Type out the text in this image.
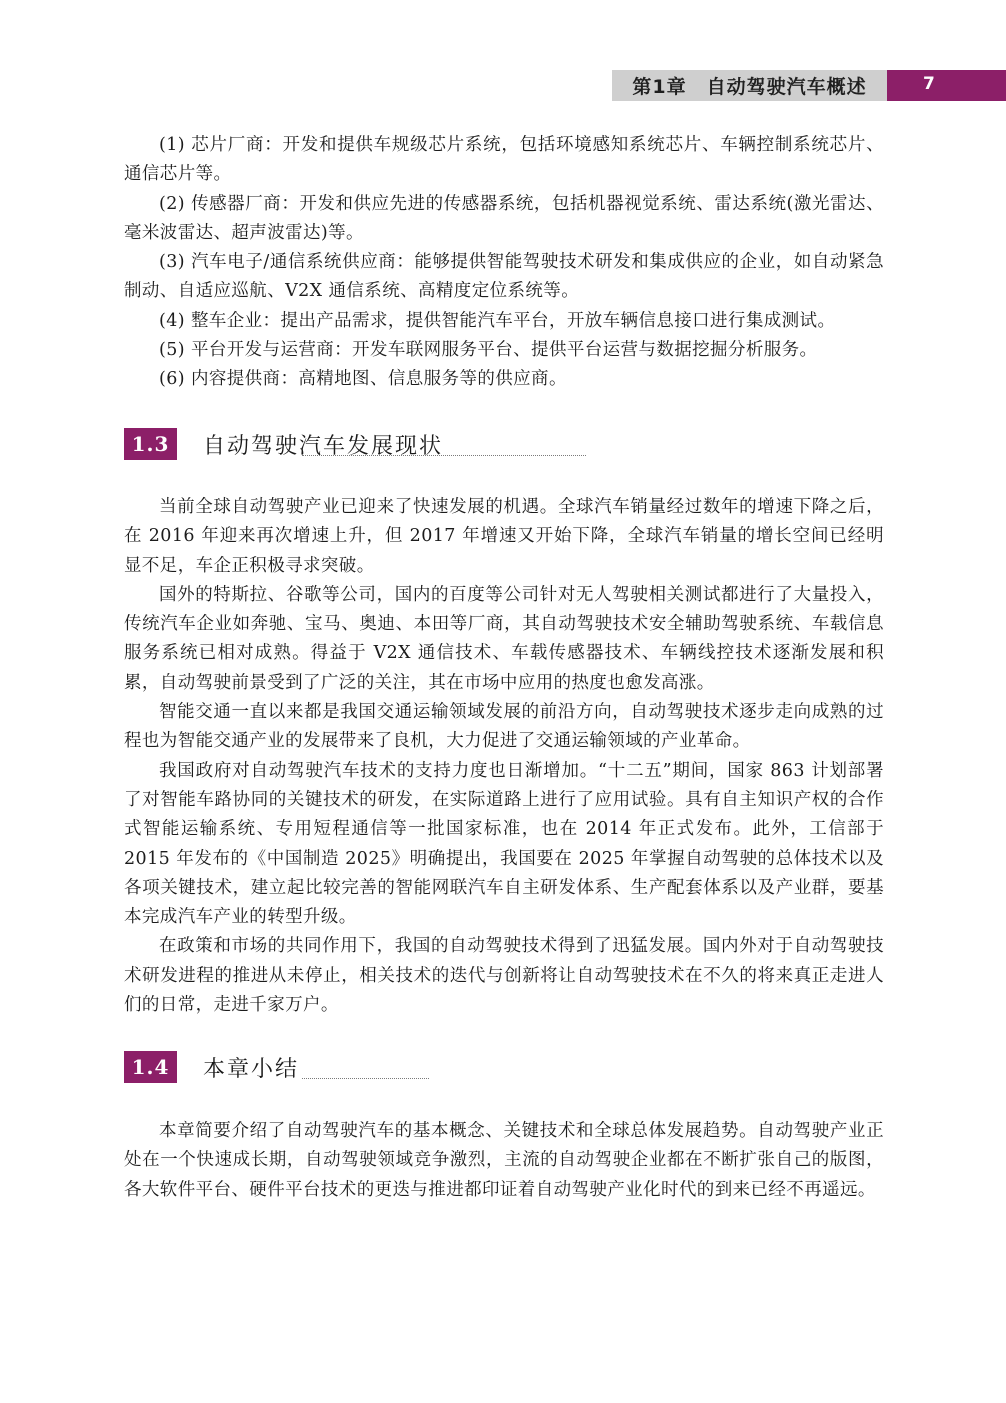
第1章　自动驾驶汽车概述	7

(1) 芯片厂商：开发和提供车规级芯片系统，包括环境感知系统芯片、车辆控制系统芯片、通信芯片等。

(2) 传感器厂商：开发和供应先进的传感器系统，包括机器视觉系统、雷达系统(激光雷达、毫米波雷达、超声波雷达)等。

(3) 汽车电子/通信系统供应商：能够提供智能驾驶技术研发和集成供应的企业，如自动紧急制动、自适应巡航、V2X 通信系统、高精度定位系统等。

(4) 整车企业：提出产品需求，提供智能汽车平台，开放车辆信息接口进行集成测试。

(5) 平台开发与运营商：开发车联网服务平台、提供平台运营与数据挖掘分析服务。

(6) 内容提供商：高精地图、信息服务等的供应商。

1.3	自动驾驶汽车发展现状

当前全球自动驾驶产业已迎来了快速发展的机遇。全球汽车销量经过数年的增速下降之后，在 2016 年迎来再次增速上升，但 2017 年增速又开始下降，全球汽车销量的增长空间已经明显不足，车企正积极寻求突破。

国外的特斯拉、谷歌等公司，国内的百度等公司针对无人驾驶相关测试都进行了大量投入，传统汽车企业如奔驰、宝马、奥迪、本田等厂商，其自动驾驶技术安全辅助驾驶系统、车载信息服务系统已相对成熟。得益于 V2X 通信技术、车载传感器技术、车辆线控技术逐渐发展和积累，自动驾驶前景受到了广泛的关注，其在市场中应用的热度也愈发高涨。

智能交通一直以来都是我国交通运输领域发展的前沿方向，自动驾驶技术逐步走向成熟的过程也为智能交通产业的发展带来了良机，大力促进了交通运输领域的产业革命。

我国政府对自动驾驶汽车技术的支持力度也日渐增加。“十二五”期间，国家 863 计划部署了对智能车路协同的关键技术的研发，在实际道路上进行了应用试验。具有自主知识产权的合作式智能运输系统、专用短程通信等一批国家标准，也在 2014 年正式发布。此外，工信部于 2015 年发布的《中国制造 2025》明确提出，我国要在 2025 年掌握自动驾驶的总体技术以及各项关键技术，建立起比较完善的智能网联汽车自主研发体系、生产配套体系以及产业群，要基本完成汽车产业的转型升级。

在政策和市场的共同作用下，我国的自动驾驶技术得到了迅猛发展。国内外对于自动驾驶技术研发进程的推进从未停止，相关技术的迭代与创新将让自动驾驶技术在不久的将来真正走进人们的日常，走进千家万户。

1.4	本章小结

本章简要介绍了自动驾驶汽车的基本概念、关键技术和全球总体发展趋势。自动驾驶产业正处在一个快速成长期，自动驾驶领域竞争激烈，主流的自动驾驶企业都在不断扩张自己的版图，各大软件平台、硬件平台技术的更迭与推进都印证着自动驾驶产业化时代的到来已经不再遥远。
